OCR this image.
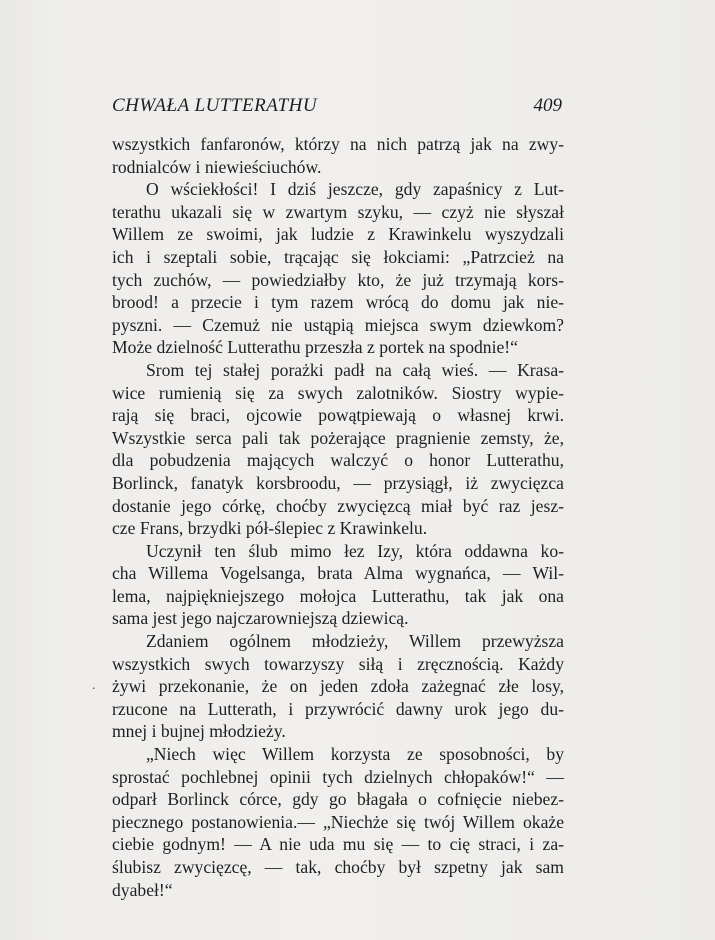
CHWAŁA LUTTERATHU	409
wszystkich fanfaronów, którzy na nich patrzą jak na zwy-
rodnialców i niewieściuchów.
O wściekłości! I dziś jeszcze, gdy zapaśnicy z Lut-
terathu ukazali się w zwartym szyku, — czyż nie słyszał
Willem ze swoimi, jak ludzie z Krawinkelu wyszydzali
ich i szeptali sobie, trącając się łokciami: „Patrzcież na
tych zuchów, — powiedziałby kto, że już trzymają kors-
brood! a przecie i tym razem wrócą do domu jak nie-
pyszni. — Czemuż nie ustąpią miejsca swym dziewkom?
Może dzielność Lutterathu przeszła z portek na spodnie!“
Srom tej stałej porażki padł na całą wieś. — Krasa-
wice rumienią się za swych zalotników. Siostry wypie-
rają się braci, ojcowie powątpiewają o własnej krwi.
Wszystkie serca pali tak pożerające pragnienie zemsty, że,
dla pobudzenia mających walczyć o honor Lutterathu,
Borlinck, fanatyk korsbroodu, — przysiągł, iż zwycięzca
dostanie jego córkę, choćby zwycięzcą miał być raz jesz-
cze Frans, brzydki pół-ślepiec z Krawinkelu.
Uczynił ten ślub mimo łez Izy, która oddawna ko-
cha Willema Vogelsanga, brata Alma wygnańca, — Wil-
lema, najpiękniejszego mołojca Lutterathu, tak jak ona
sama jest jego najczarowniejszą dziewicą.
Zdaniem ogólnem młodzieży, Willem przewyższa
wszystkich swych towarzyszy siłą i zręcznością. Każdy
żywi przekonanie, że on jeden zdoła zażegnać złe losy,
rzucone na Lutterath, i przywrócić dawny urok jego du-
mnej i bujnej młodzieży.
„Niech więc Willem korzysta ze sposobności, by
sprostać pochlebnej opinii tych dzielnych chłopaków!“ —
odparł Borlinck córce, gdy go błagała o cofnięcie niebez-
piecznego postanowienia.— „Niechże się twój Willem okaże
ciebie godnym! — A nie uda mu się — to cię straci, i za-
ślubisz zwycięzcę, — tak, choćby był szpetny jak sam
dyabeł!“
.
